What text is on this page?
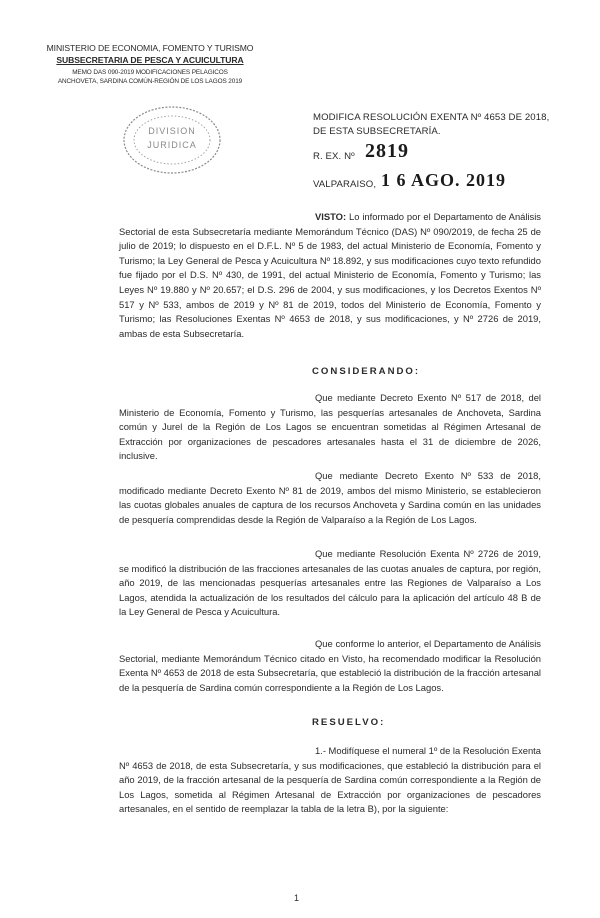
MINISTERIO DE ECONOMIA, FOMENTO Y TURISMO
SUBSECRETARIA DE PESCA Y ACUICULTURA
MEMO DAS 090-2019 MODIFICACIONES PELAGICOS
ANCHOVETA, SARDINA COMÚN-REGIÓN DE LOS LAGOS 2019
DIVISION
JURIDICA
MODIFICA RESOLUCIÓN EXENTA Nº 4653 DE 2018,
DE ESTA SUBSECRETARÍA.
R. EX. Nº 2819
VALPARAISO, 1 6 AGO. 2019
VISTO: Lo informado por el Departamento de Análisis Sectorial de esta Subsecretaría mediante Memorándum Técnico (DAS) Nº 090/2019, de fecha 25 de julio de 2019; lo dispuesto en el D.F.L. Nº 5 de 1983, del actual Ministerio de Economía, Fomento y Turismo; la Ley General de Pesca y Acuicultura Nº 18.892, y sus modificaciones cuyo texto refundido fue fijado por el D.S. Nº 430, de 1991, del actual Ministerio de Economía, Fomento y Turismo; las Leyes Nº 19.880 y Nº 20.657; el D.S. 296 de 2004, y sus modificaciones, y los Decretos Exentos Nº 517 y Nº 533, ambos de 2019 y Nº 81 de 2019, todos del Ministerio de Economía, Fomento y Turismo; las Resoluciones Exentas Nº 4653 de 2018, y sus modificaciones, y Nº 2726 de 2019, ambas de esta Subsecretaría.
CONSIDERANDO:
Que mediante Decreto Exento Nº 517 de 2018, del Ministerio de Economía, Fomento y Turismo, las pesquerías artesanales de Anchoveta, Sardina común y Jurel de la Región de Los Lagos se encuentran sometidas al Régimen Artesanal de Extracción por organizaciones de pescadores artesanales hasta el 31 de diciembre de 2026, inclusive.
Que mediante Decreto Exento Nº 533 de 2018, modificado mediante Decreto Exento Nº 81 de 2019, ambos del mismo Ministerio, se establecieron las cuotas globales anuales de captura de los recursos Anchoveta y Sardina común en las unidades de pesquería comprendidas desde la Región de Valparaíso a la Región de Los Lagos.
Que mediante Resolución Exenta Nº 2726 de 2019, se modificó la distribución de las fracciones artesanales de las cuotas anuales de captura, por región, año 2019, de las mencionadas pesquerías artesanales entre las Regiones de Valparaíso a Los Lagos, atendida la actualización de los resultados del cálculo para la aplicación del artículo 48 B de la Ley General de Pesca y Acuicultura.
Que conforme lo anterior, el Departamento de Análisis Sectorial, mediante Memorándum Técnico citado en Visto, ha recomendado modificar la Resolución Exenta Nº 4653 de 2018 de esta Subsecretaría, que estableció la distribución de la fracción artesanal de la pesquería de Sardina común correspondiente a la Región de Los Lagos.
RESUELVO:
1.- Modifíquese el numeral 1º de la Resolución Exenta Nº 4653 de 2018, de esta Subsecretaría, y sus modificaciones, que estableció la distribución para el año 2019, de la fracción artesanal de la pesquería de Sardina común correspondiente a la Región de Los Lagos, sometida al Régimen Artesanal de Extracción por organizaciones de pescadores artesanales, en el sentido de reemplazar la tabla de la letra B), por la siguiente:
1
